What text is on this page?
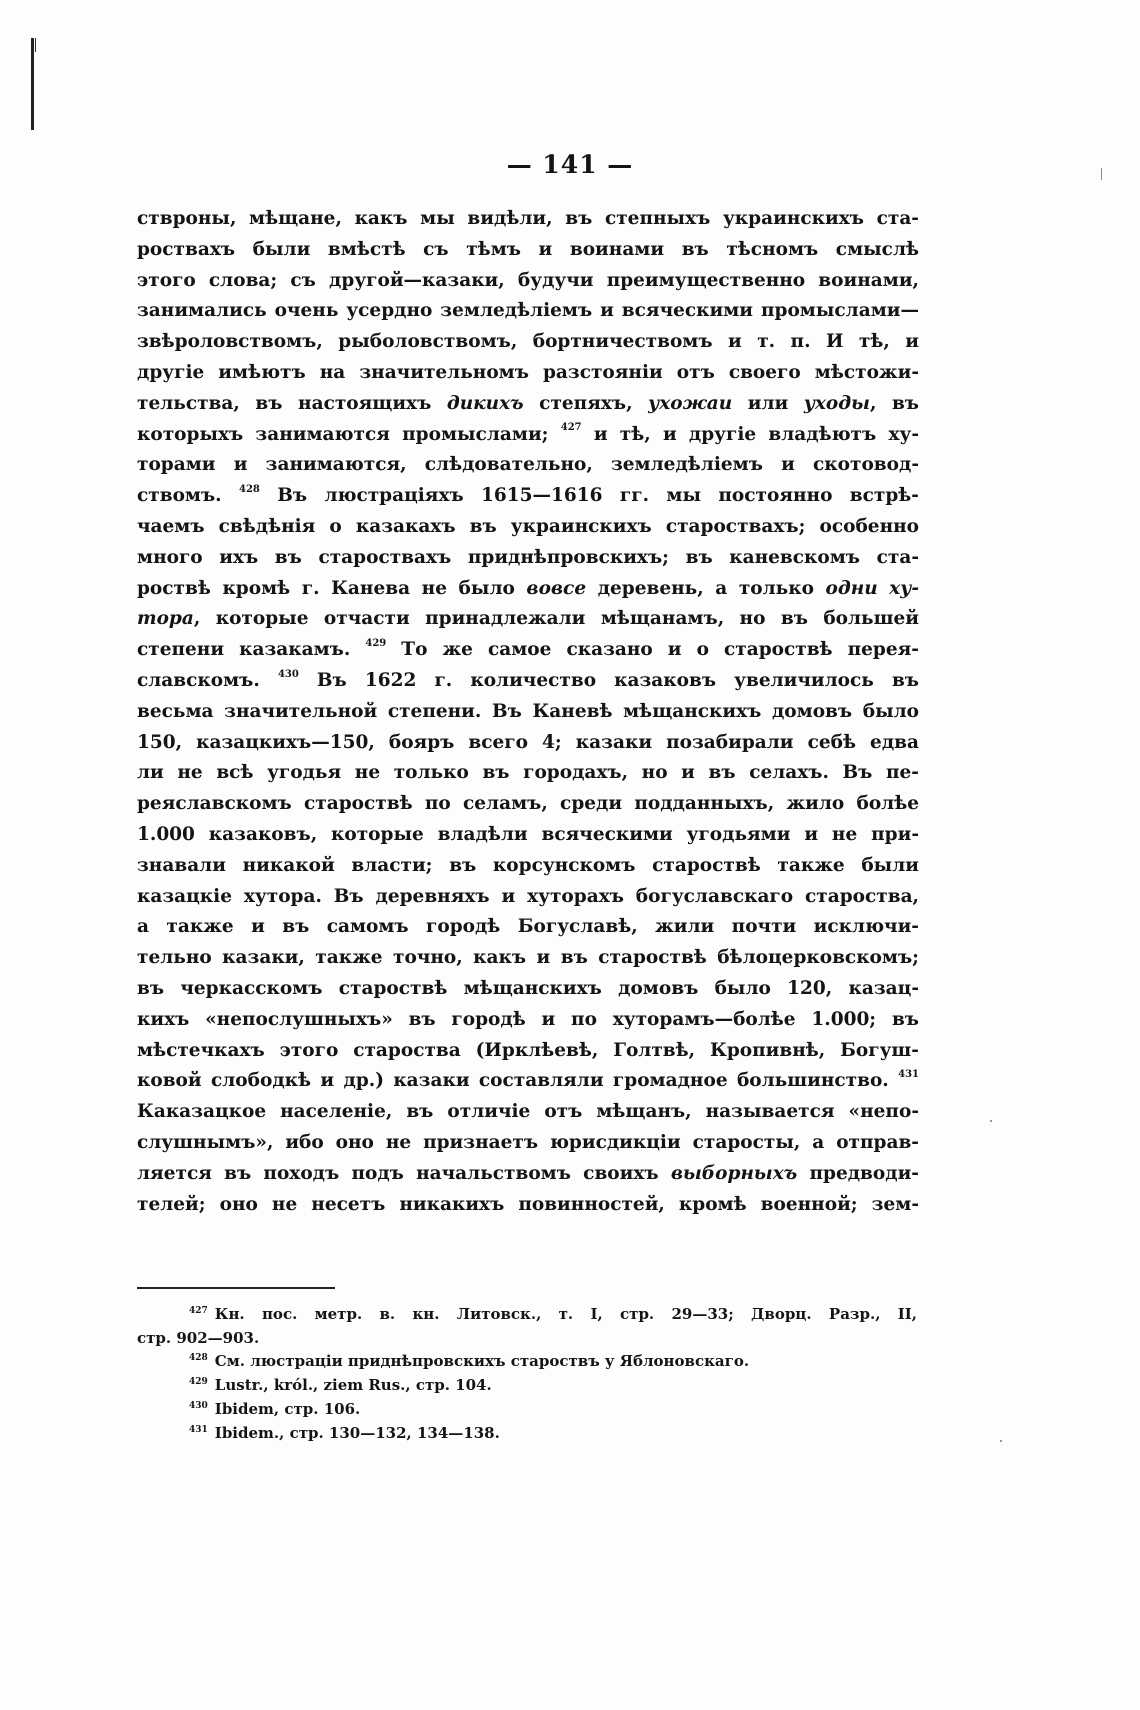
— 141 —
ствроны, мѣщане, какъ мы видѣли, въ степныхъ украинскихъ ста-
роствахъ были вмѣстѣ съ тѣмъ и воинами въ тѣсномъ смыслѣ
этого слова; съ другой—казаки, будучи преимущественно воинами,
занимались очень усердно земледѣліемъ и всяческими промыслами—
звѣроловствомъ, рыболовствомъ, бортничествомъ и т. п. И тѣ, и
другіе имѣютъ на значительномъ разстояніи отъ своего мѣстожи-
тельства, въ настоящихъ дикихъ степяхъ, ухожаи или уходы, въ
которыхъ занимаются промыслами; $^{427}$ и тѣ, и другіе владѣютъ ху-
торами и занимаются, слѣдовательно, земледѣліемъ и скотовод-
ствомъ. $^{428}$ Въ люстраціяхъ 1615—1616 гг. мы постоянно встрѣ-
чаемъ свѣдѣнія о казакахъ въ украинскихъ староствахъ; особенно
много ихъ въ староствахъ приднѣпровскихъ; въ каневскомъ ста-
роствѣ кромѣ г. Канева не было вовсе деревень, а только одни ху-
тора, которые отчасти принадлежали мѣщанамъ, но въ большей
степени казакамъ. $^{429}$ То же самое сказано и о староствѣ перея-
славскомъ. $^{430}$ Въ 1622 г. количество казаковъ увеличилось въ
весьма значительной степени. Въ Каневѣ мѣщанскихъ домовъ было
150, казацкихъ—150, бояръ всего 4; казаки позабирали себѣ едва
ли не всѣ угодья не только въ городахъ, но и въ селахъ. Въ пе-
реяславскомъ староствѣ по селамъ, среди подданныхъ, жило болѣе
1.000 казаковъ, которые владѣли всяческими угодьями и не при-
знавали никакой власти; въ корсунскомъ староствѣ также были
казацкіе хутора. Въ деревняхъ и хуторахъ богуславскаго староства,
а также и въ самомъ городѣ Богуславѣ, жили почти исключи-
тельно казаки, также точно, какъ и въ староствѣ бѣлоцерковскомъ;
въ черкасскомъ староствѣ мѣщанскихъ домовъ было 120, казац-
кихъ «непослушныхъ» въ городѣ и по хуторамъ—болѣе 1.000; въ
мѣстечкахъ этого староства (Ирклѣевѣ, Голтвѣ, Кропивнѣ, Богуш-
ковой слободкѣ и др.) казаки составляли громадное большинство. $^{431}$
Каказацкое населеніе, въ отличіе отъ мѣщанъ, называется «непо-
слушнымъ», ибо оно не признаетъ юрисдикціи старосты, а отправ-
ляется въ походъ подъ начальствомъ своихъ выборныхъ предводи-
телей; оно не несетъ никакихъ повинностей, кромѣ военной; зем-
$^{427}$ Кн. пос. метр. в. кн. Литовск., т. I, стр. 29—33; Дворц. Разр., II,
стр. 902—903.
$^{428}$ См. люстраціи приднѣпровскихъ староствъ у Яблоновскаго.
$^{429}$ Lustr., król., ziem Rus., стр. 104.
$^{430}$ Ibidem, стр. 106.
$^{431}$ Ibidem., стр. 130—132, 134—138.
